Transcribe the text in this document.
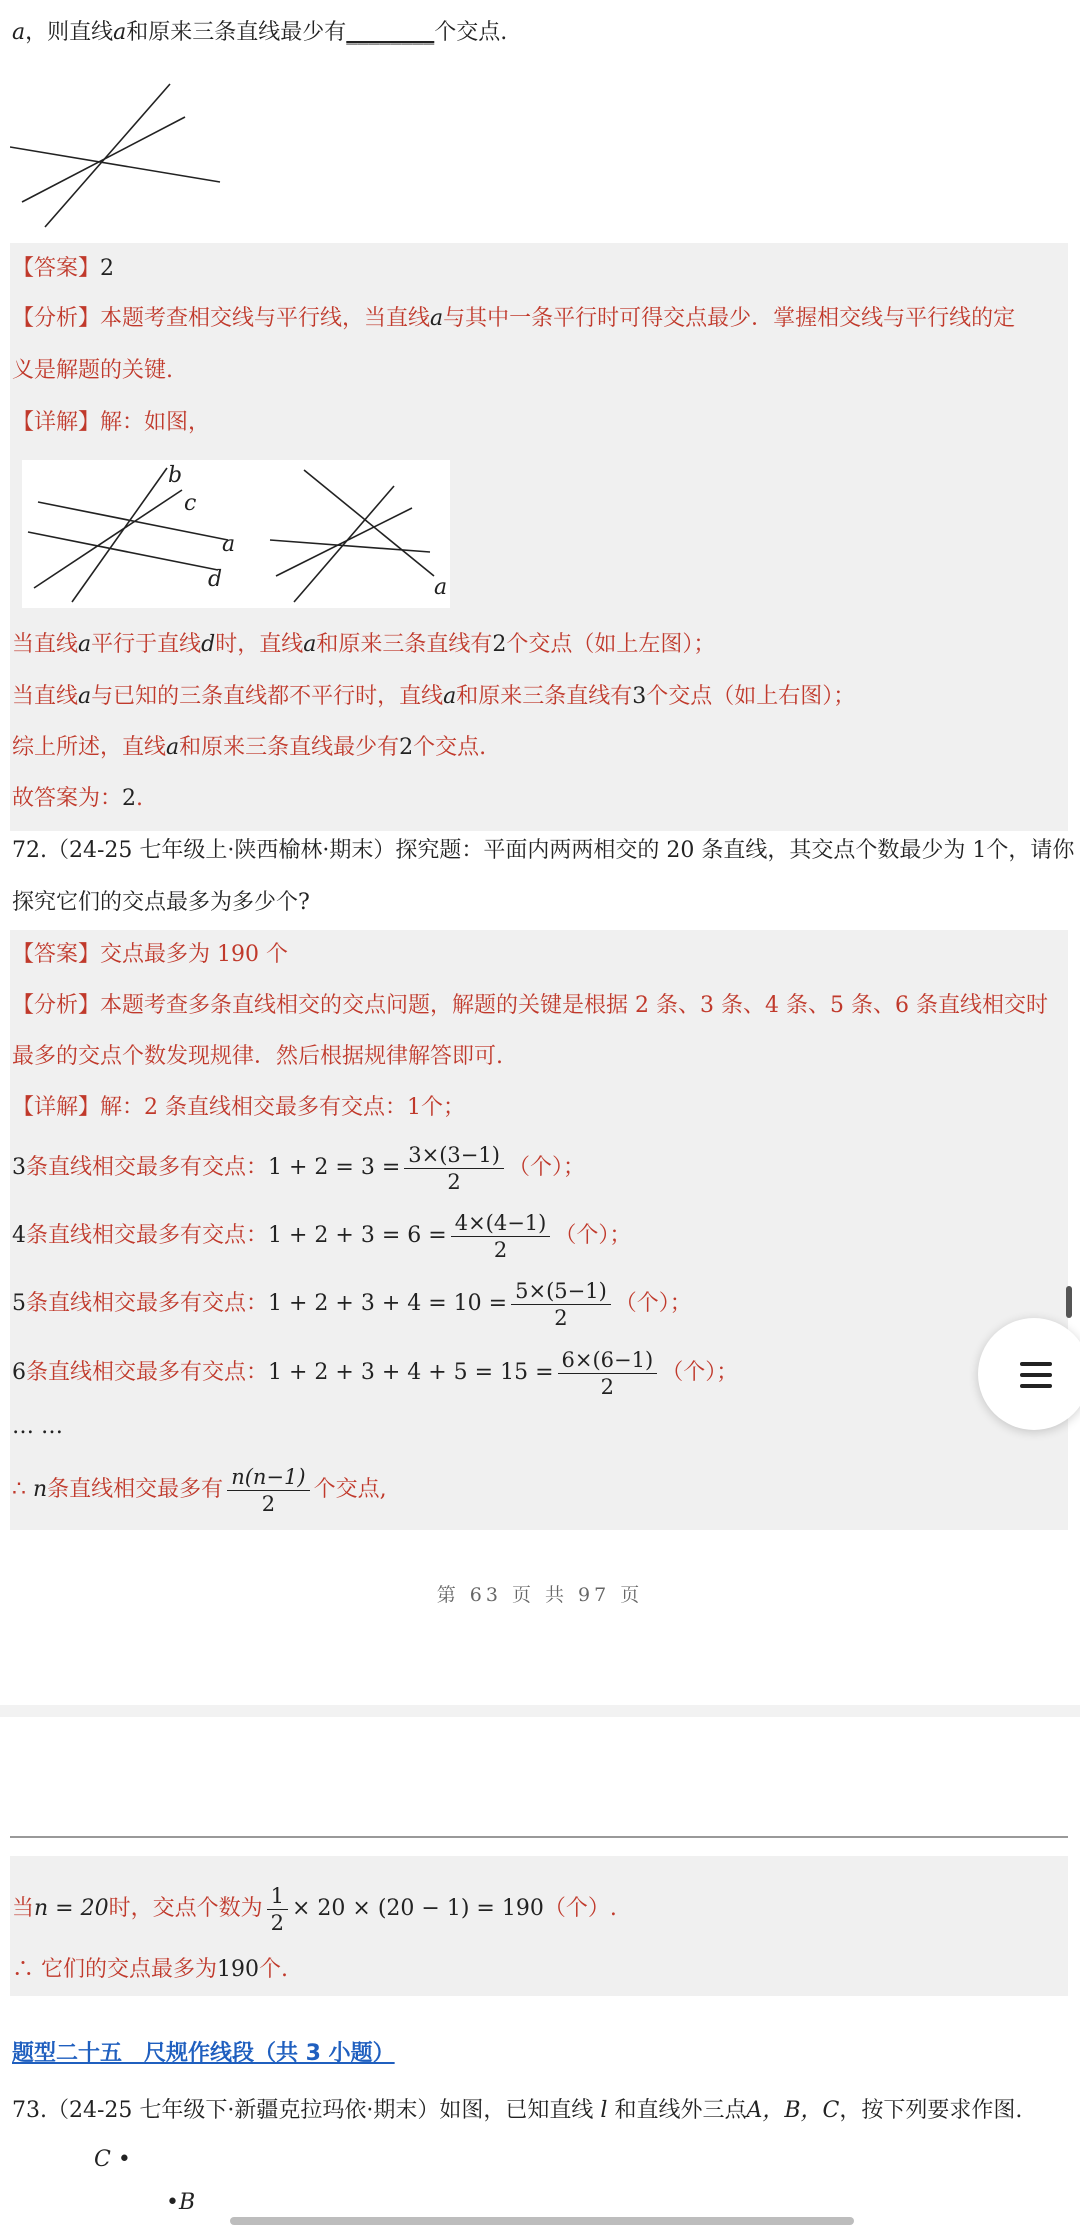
a，则直线a和原来三条直线最少有________个交点.
【答案】2
【分析】本题考查相交线与平行线，当直线a与其中一条平行时可得交点最少．掌握相交线与平行线的定
义是解题的关键.
【详解】解：如图，
b
c
a
d	a
当直线a平行于直线d时，直线a和原来三条直线有2个交点（如上左图）；
当直线a与已知的三条直线都不平行时，直线a和原来三条直线有3个交点（如上右图）；
综上所述，直线a和原来三条直线最少有2个交点.
故答案为：2.
72.（24-25 七年级上·陕西榆林·期末）探究题：平面内两两相交的 20 条直线，其交点个数最少为 1个，请你
探究它们的交点最多为多少个?
【答案】交点最多为 190 个
【分析】本题考查多条直线相交的交点问题，解题的关键是根据 2 条、3 条、4 条、5 条、6 条直线相交时
最多的交点个数发现规律．然后根据规律解答即可.
【详解】解：2 条直线相交最多有交点：1个；
3条直线相交最多有交点：$1 + 2 = 3 = \frac{3\times(3-1)}{2}$ （个）；
4条直线相交最多有交点：$1 + 2 + 3 = 6 = \frac{4\times(4-1)}{2}$ （个）；
5条直线相交最多有交点：$1 + 2 + 3 + 4 = 10 = \frac{5\times(5-1)}{2}$ （个）；
6条直线相交最多有交点：$1 + 2 + 3 + 4 + 5 = 15 = \frac{6\times(6-1)}{2}$ （个）；
… …
∴ n条直线相交最多有 $\frac{n(n-1)}{2}$ 个交点,
第 63 页 共 97 页
当n = 20时，交点个数为 $\frac{1}{2} \times 20 \times (20 - 1) = 190$（个）.
∴ 它们的交点最多为190个.
题型二十五　尺规作线段（共 3 小题）
73.（24-25 七年级下·新疆克拉玛依·期末）如图，已知直线 l 和直线外三点A，B，C，按下列要求作图.
C •
•B
